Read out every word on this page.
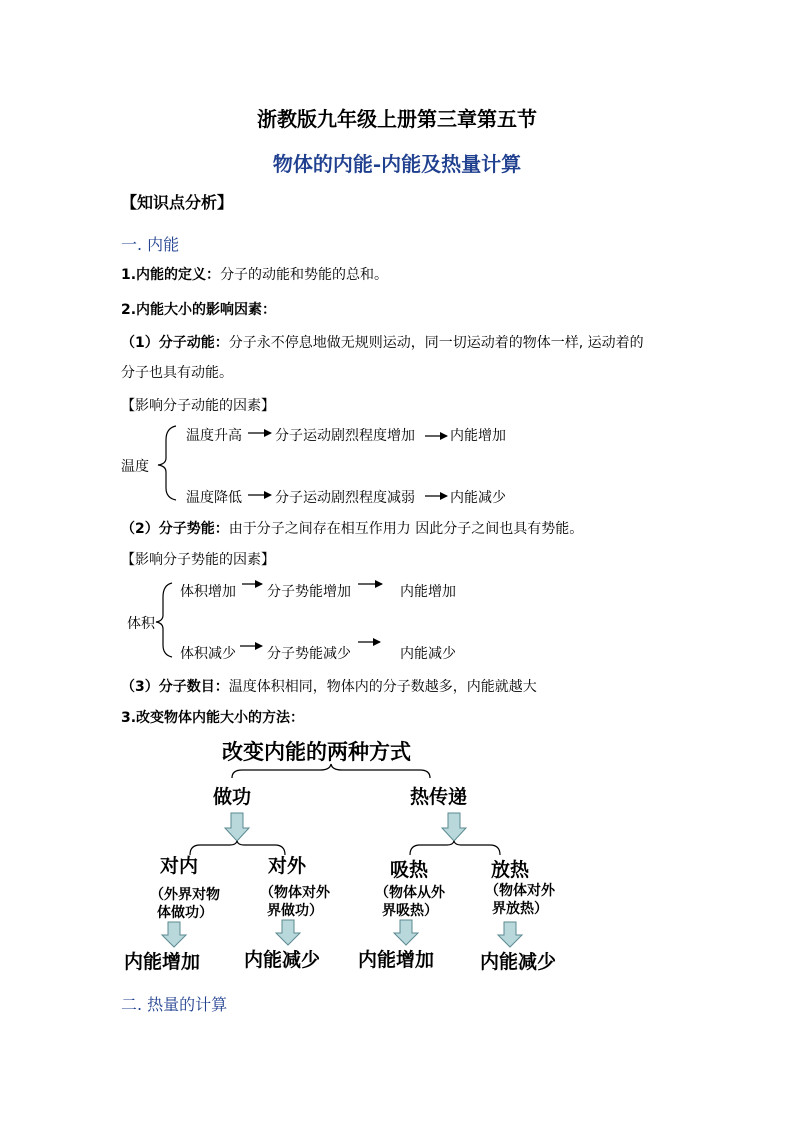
浙教版九年级上册第三章第五节
物体的内能-内能及热量计算
【知识点分析】
一. 内能
1.内能的定义：分子的动能和势能的总和。
2.内能大小的影响因素：
（1）分子动能：分子永不停息地做无规则运动，同一切运动着的物体一样, 运动着的
分子也具有动能。
【影响分子动能的因素】
温度
温度升高 分子运动剧烈程度增加	内能增加
温度降低 分子运动剧烈程度减弱	内能减少
（2）分子势能：由于分子之间存在相互作用力 因此分子之间也具有势能。
【影响分子势能的因素】
体积
体积增加 分子势能增加	内能增加
体积减少 分子势能减少	内能减少
（3）分子数目：温度体积相同，物体内的分子数越多，内能就越大
3.改变物体内能大小的方法：
改变内能的两种方式
做功	热传递
对内
（外界对物
体做功）
内能增加
对外
（物体对外
界做功）
内能减少
吸热
（物体从外
界吸热）
内能增加
放热
（物体对外
界放热）
内能减少
二. 热量的计算
